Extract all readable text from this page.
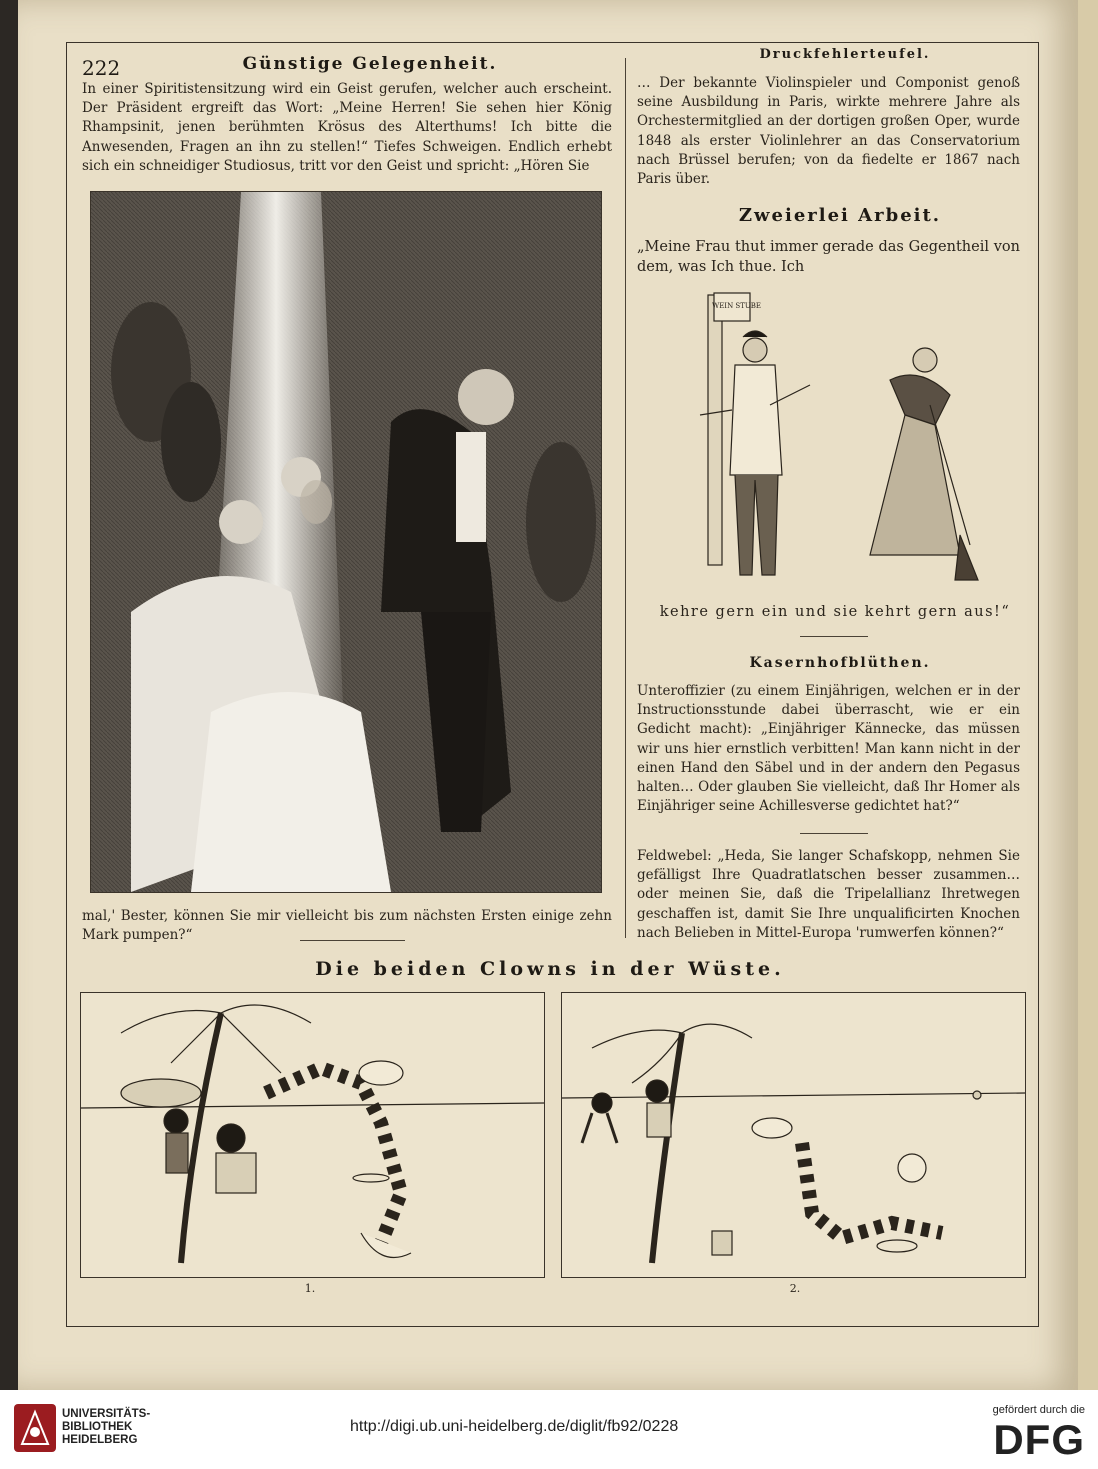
222	Günstige Gelegenheit.
In einer Spiritistensitzung wird ein Geist gerufen, welcher auch erscheint. Der Präsident ergreift das Wort: „Meine Herren! Sie sehen hier König Rhampsinit, jenen berühmten Krösus des Alterthums! Ich bitte die Anwesenden, Fragen an ihn zu stellen!“ Tiefes Schweigen. Endlich erhebt sich ein schneidiger Studiosus, tritt vor den Geist und spricht: „Hören Sie
mal,' Bester, können Sie mir vielleicht bis zum nächsten Ersten einige zehn Mark pumpen?“
Druckfehlerteufel.
… Der bekannte Violinspieler und Componist genoß seine Ausbildung in Paris, wirkte mehrere Jahre als Orchestermitglied an der dortigen großen Oper, wurde 1848 als erster Violinlehrer an das Conservatorium nach Brüssel berufen; von da fiedelte er 1867 nach Paris über.
Zweierlei Arbeit.
„Meine Frau thut immer gerade das Gegentheil von dem, was Ich thue. Ich
WEIN STUBE
kehre gern ein und sie kehrt gern aus!“
Kasernhofblüthen.
Unteroffizier (zu einem Einjährigen, welchen er in der Instructionsstunde dabei überrascht, wie er ein Gedicht macht): „Einjähriger Kännecke, das müssen wir uns hier ernstlich verbitten! Man kann nicht in der einen Hand den Säbel und in der andern den Pegasus halten… Oder glauben Sie vielleicht, daß Ihr Homer als Einjähriger seine Achillesverse gedichtet hat?“
Feldwebel: „Heda, Sie langer Schafskopp, nehmen Sie gefälligst Ihre Quadratlatschen besser zusammen… oder meinen Sie, daß die Tripelallianz Ihretwegen geschaffen ist, damit Sie Ihre unqualificirten Knochen nach Belieben in Mittel-Europa 'rumwerfen können?“
Die beiden Clowns in der Wüste.
1.	2.
UNIVERSITÄTS-
BIBLIOTHEK
HEIDELBERG
http://digi.ub.uni-heidelberg.de/diglit/fb92/0228
gefördert durch die
DFG
